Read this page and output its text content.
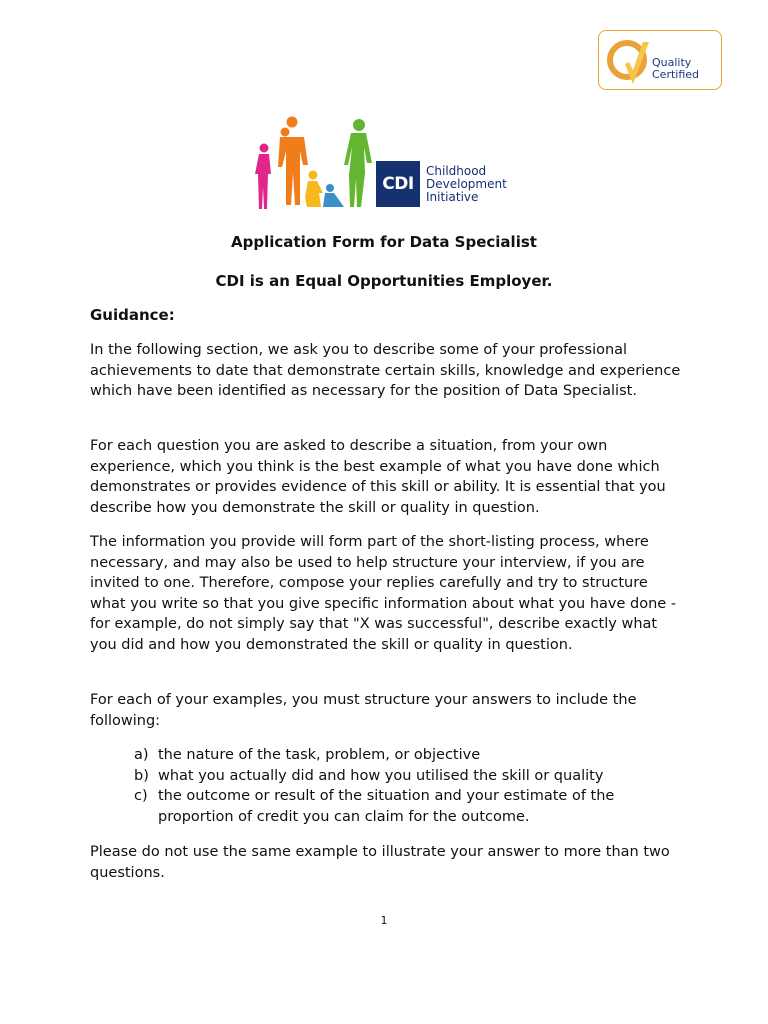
Quality
Certified
CDI
Childhood
Development
Initiative
Application Form for Data Specialist
CDI is an Equal Opportunities Employer.
Guidance:

In the following section, we ask you to describe some of your professional achievements to date that demonstrate certain skills, knowledge and experience which have been identified as necessary for the position of Data Specialist.

For each question you are asked to describe a situation, from your own experience, which you think is the best example of what you have done which demonstrates or provides evidence of this skill or ability. It is essential that you describe how you demonstrate the skill or quality in question.

The information you provide will form part of the short-listing process, where necessary, and may also be used to help structure your interview, if you are invited to one. Therefore, compose your replies carefully and try to structure what you write so that you give specific information about what you have done - for example, do not simply say that "X was successful", describe exactly what you did and how you demonstrated the skill or quality in question.

For each of your examples, you must structure your answers to include the following:

a) the nature of the task, problem, or objective
b) what you actually did and how you utilised the skill or quality
c) the outcome or result of the situation and your estimate of the proportion of credit you can claim for the outcome.

Please do not use the same example to illustrate your answer to more than two questions.

1
